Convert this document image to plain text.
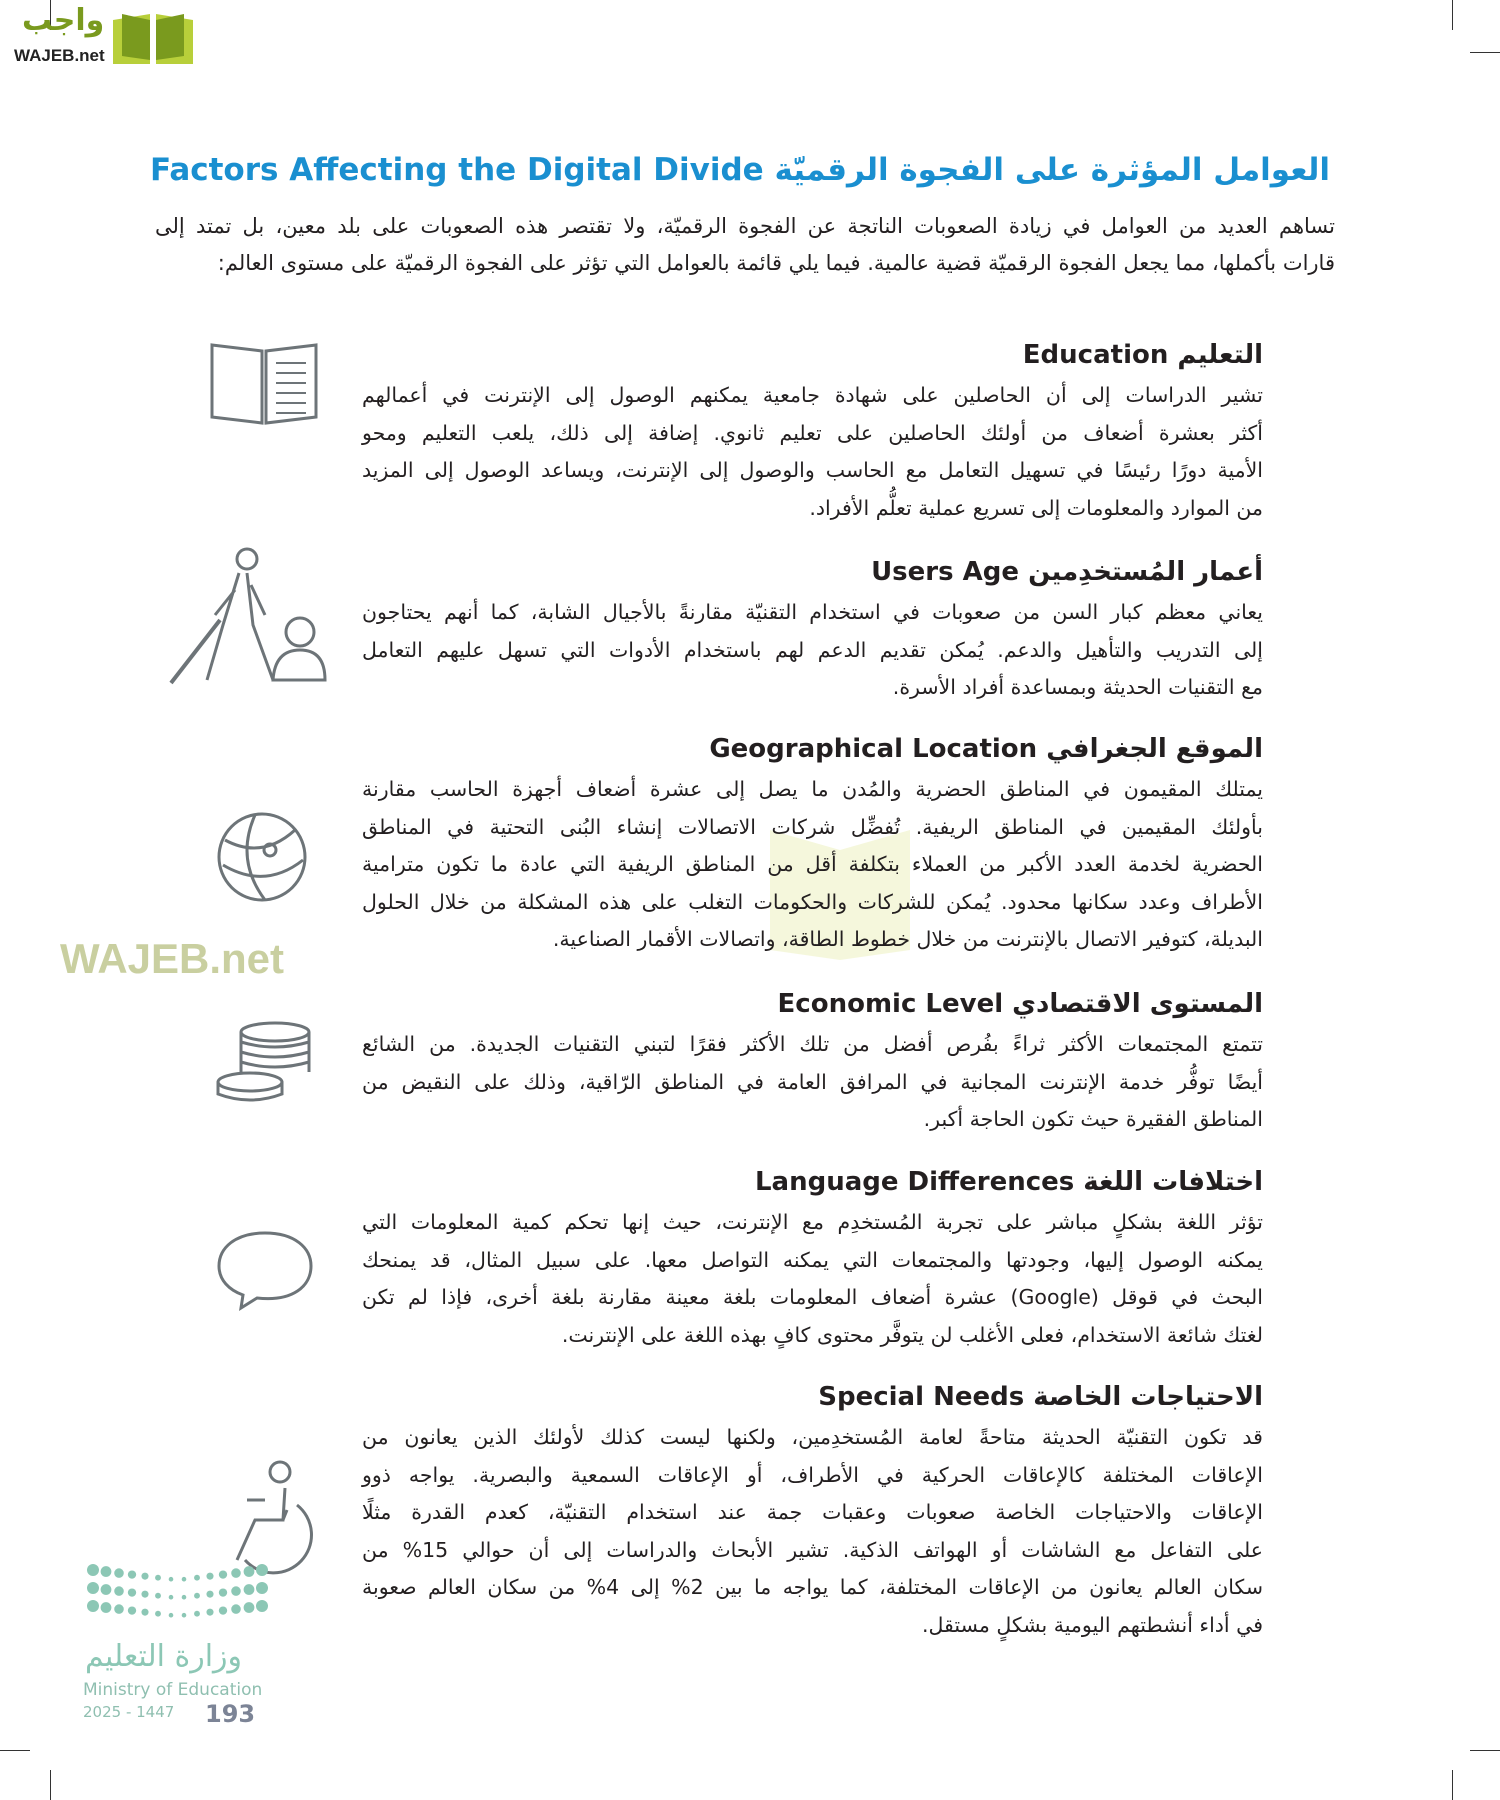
واجب
WAJEB.net
WAJEB.net
العوامل المؤثرة على الفجوة الرقميّة Factors Affecting the Digital Divide
تساهم العديد من العوامل في زيادة الصعوبات الناتجة عن الفجوة الرقميّة، ولا تقتصر هذه الصعوبات على بلد معين، بل تمتد إلى
قارات بأكملها، مما يجعل الفجوة الرقميّة قضية عالمية. فيما يلي قائمة بالعوامل التي تؤثر على الفجوة الرقميّة على مستوى العالم:
التعليم Education
تشير الدراسات إلى أن الحاصلين على شهادة جامعية يمكنهم الوصول إلى الإنترنت في أعمالهم
أكثر بعشرة أضعاف من أولئك الحاصلين على تعليم ثانوي. إضافة إلى ذلك، يلعب التعليم ومحو
الأمية دورًا رئيسًا في تسهيل التعامل مع الحاسب والوصول إلى الإنترنت، ويساعد الوصول إلى المزيد
من الموارد والمعلومات إلى تسريع عملية تعلُّم الأفراد.
أعمار المُستخدِمين Users Age
يعاني معظم كبار السن من صعوبات في استخدام التقنيّة مقارنةً بالأجيال الشابة، كما أنهم يحتاجون
إلى التدريب والتأهيل والدعم. يُمكن تقديم الدعم لهم باستخدام الأدوات التي تسهل عليهم التعامل
مع التقنيات الحديثة وبمساعدة أفراد الأسرة.
الموقع الجغرافي Geographical Location
يمتلك المقيمون في المناطق الحضرية والمُدن ما يصل إلى عشرة أضعاف أجهزة الحاسب مقارنة
بأولئك المقيمين في المناطق الريفية. تُفضِّل شركات الاتصالات إنشاء البُنى التحتية في المناطق
الحضرية لخدمة العدد الأكبر من العملاء بتكلفة أقل من المناطق الريفية التي عادة ما تكون مترامية
الأطراف وعدد سكانها محدود. يُمكن للشركات والحكومات التغلب على هذه المشكلة من خلال الحلول
البديلة، كتوفير الاتصال بالإنترنت من خلال خطوط الطاقة، واتصالات الأقمار الصناعية.
المستوى الاقتصادي Economic Level
تتمتع المجتمعات الأكثر ثراءً بفُرص أفضل من تلك الأكثر فقرًا لتبني التقنيات الجديدة. من الشائع
أيضًا توفُّر خدمة الإنترنت المجانية في المرافق العامة في المناطق الرّاقية، وذلك على النقيض من
المناطق الفقيرة حيث تكون الحاجة أكبر.
اختلافات اللغة Language Differences
تؤثر اللغة بشكلٍ مباشر على تجربة المُستخدِم مع الإنترنت، حيث إنها تحكم كمية المعلومات التي
يمكنه الوصول إليها، وجودتها والمجتمعات التي يمكنه التواصل معها. على سبيل المثال، قد يمنحك
البحث في قوقل (Google) عشرة أضعاف المعلومات بلغة معينة مقارنة بلغة أخرى، فإذا لم تكن
لغتك شائعة الاستخدام، فعلى الأغلب لن يتوفَّر محتوى كافٍ بهذه اللغة على الإنترنت.
الاحتياجات الخاصة Special Needs
قد تكون التقنيّة الحديثة متاحةً لعامة المُستخدِمين، ولكنها ليست كذلك لأولئك الذين يعانون من
الإعاقات المختلفة كالإعاقات الحركية في الأطراف، أو الإعاقات السمعية والبصرية. يواجه ذوو
الإعاقات والاحتياجات الخاصة صعوبات وعقبات جمة عند استخدام التقنيّة، كعدم القدرة مثلًا
على التفاعل مع الشاشات أو الهواتف الذكية. تشير الأبحاث والدراسات إلى أن حوالي 15% من
سكان العالم يعانون من الإعاقات المختلفة، كما يواجه ما بين 2% إلى 4% من سكان العالم صعوبة
في أداء أنشطتهم اليومية بشكلٍ مستقل.
وزارة التعليم
Ministry of Education
2025 - 1447 193
